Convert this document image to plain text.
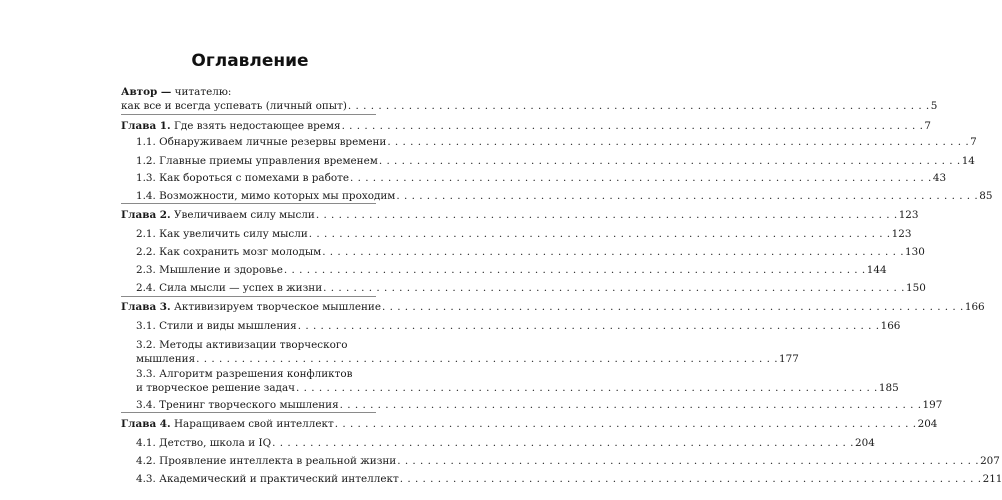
Оглавление
Автор — читателю:
как все и всегда успевать (личный опыт) . . .	5
Глава 1. Где взять недостающее время . . .	7
1.1. Обнаруживаем личные резервы времени . . .	7
1.2. Главные приемы управления временем . . .	14
1.3. Как бороться с помехами в работе . . .	43
1.4. Возможности, мимо которых мы проходим . . .	85
Глава 2. Увеличиваем силу мысли . . .	123
2.1. Как увеличить силу мысли . . .	123
2.2. Как сохранить мозг молодым . . .	130
2.3. Мышление и здоровье . . .	144
2.4. Сила мысли — успех в жизни . . .	150
Глава 3. Активизируем творческое мышление . . .	166
3.1. Стили и виды мышления . . .	166
3.2. Методы активизации творческого
мышления . . .	177
3.3. Алгоритм разрешения конфликтов
и творческое решение задач . . .	185
3.4. Тренинг творческого мышления . . .	197
Глава 4. Наращиваем свой интеллект . . .	204
4.1. Детство, школа и IQ . . .	204
4.2. Проявление интеллекта в реальной жизни . . .	207
4.3. Академический и практический интеллект . . .	211
